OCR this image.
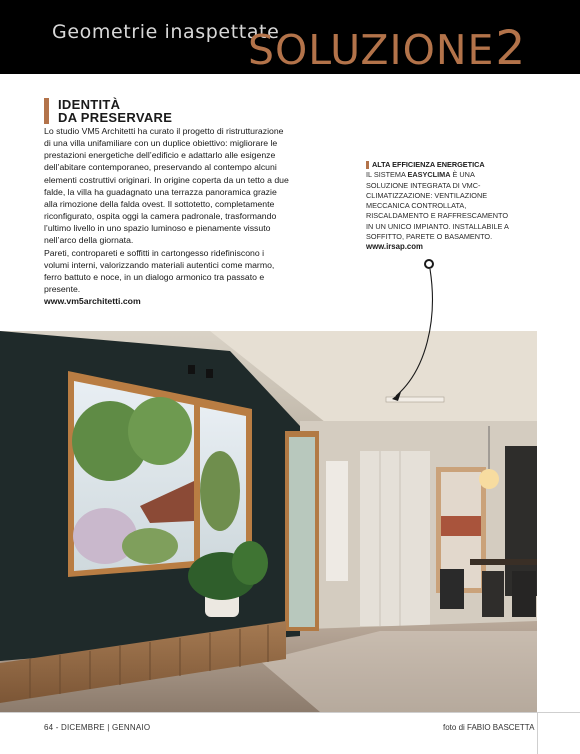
Geometrie inaspettate
SOLUZIONE2
IDENTITÀ
DA PRESERVARE

Lo studio VM5 Architetti ha curato il progetto di ristrutturazione di una villa unifamiliare con un duplice obiettivo: migliorare le prestazioni energetiche dell’edificio e adattarlo alle esigenze dell’abitare contemporaneo, preservando al contempo alcuni elementi costruttivi originari. In origine coperta da un tetto a due falde, la villa ha guadagnato una terrazza panoramica grazie alla rimozione della falda ovest. Il sottotetto, completamente riconfigurato, ospita oggi la camera padronale, trasformando l’ultimo livello in uno spazio luminoso e pienamente vissuto nell’arco della giornata.

Pareti, contropareti e soffitti in cartongesso ridefiniscono i volumi interni, valorizzando materiali autentici come marmo, ferro battuto e noce, in un dialogo armonico tra passato e presente.

www.vm5architetti.com

ALTA EFFICIENZA ENERGETICA
IL SISTEMA EASYCLIMA È UNA SOLUZIONE INTEGRATA DI VMC-CLIMATIZZAZIONE: VENTILAZIONE MECCANICA CONTROLLATA, RISCALDAMENTO E RAFFRESCAMENTO IN UN UNICO IMPIANTO. INSTALLABILE A SOFFITTO, PARETE O BASAMENTO.
www.irsap.com
64 - DICEMBRE | GENNAIO	foto di FABIO BASCETTA
